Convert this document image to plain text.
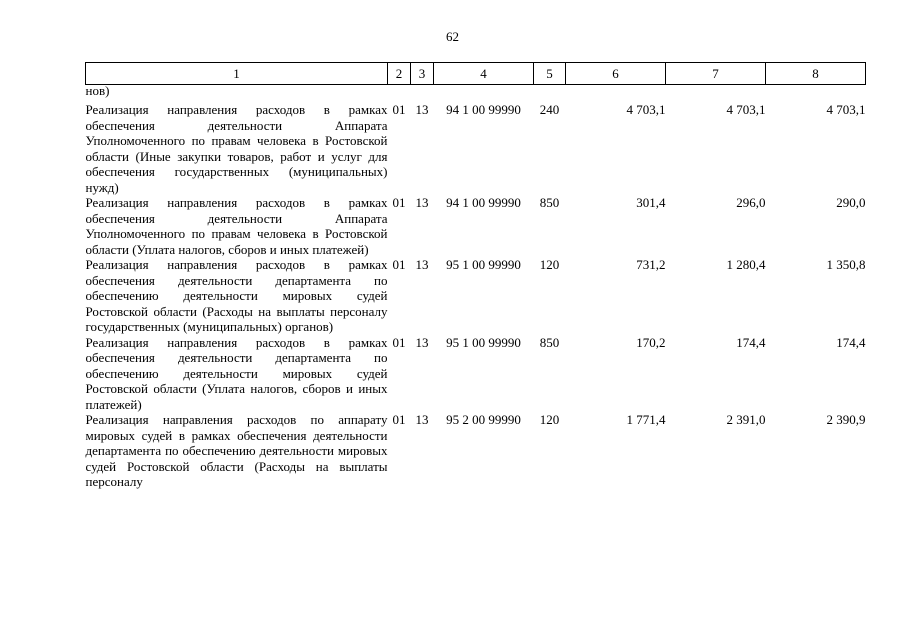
62
1	2	3	4	5	6	7	8
нов)							
Реализация направления расходов в рамках обеспечения деятельности Аппарата Уполномоченного по правам человека в Ростовской области (Иные закупки товаров, работ и услуг для обеспечения государственных (муниципальных) нужд)	01	13	94 1 00 99990	240	4 703,1	4 703,1	4 703,1
Реализация направления расходов в рамках обеспечения деятельности Аппарата Уполномоченного по правам человека в Ростовской области (Уплата налогов, сборов и иных платежей)	01	13	94 1 00 99990	850	301,4	296,0	290,0
Реализация направления расходов в рамках обеспечения деятельности департамента по обеспечению деятельности мировых судей Ростовской области (Расходы на выплаты персоналу государственных (муниципальных) органов)	01	13	95 1 00 99990	120	731,2	1 280,4	1 350,8
Реализация направления расходов в рамках обеспечения деятельности департамента по обеспечению деятельности мировых судей Ростовской области (Уплата налогов, сборов и иных платежей)	01	13	95 1 00 99990	850	170,2	174,4	174,4
Реализация направления расходов по аппарату мировых судей в рамках обеспечения деятельности департамента по обеспечению деятельности мировых судей Ростовской области (Расходы на выплаты персоналу	01	13	95 2 00 99990	120	1 771,4	2 391,0	2 390,9
